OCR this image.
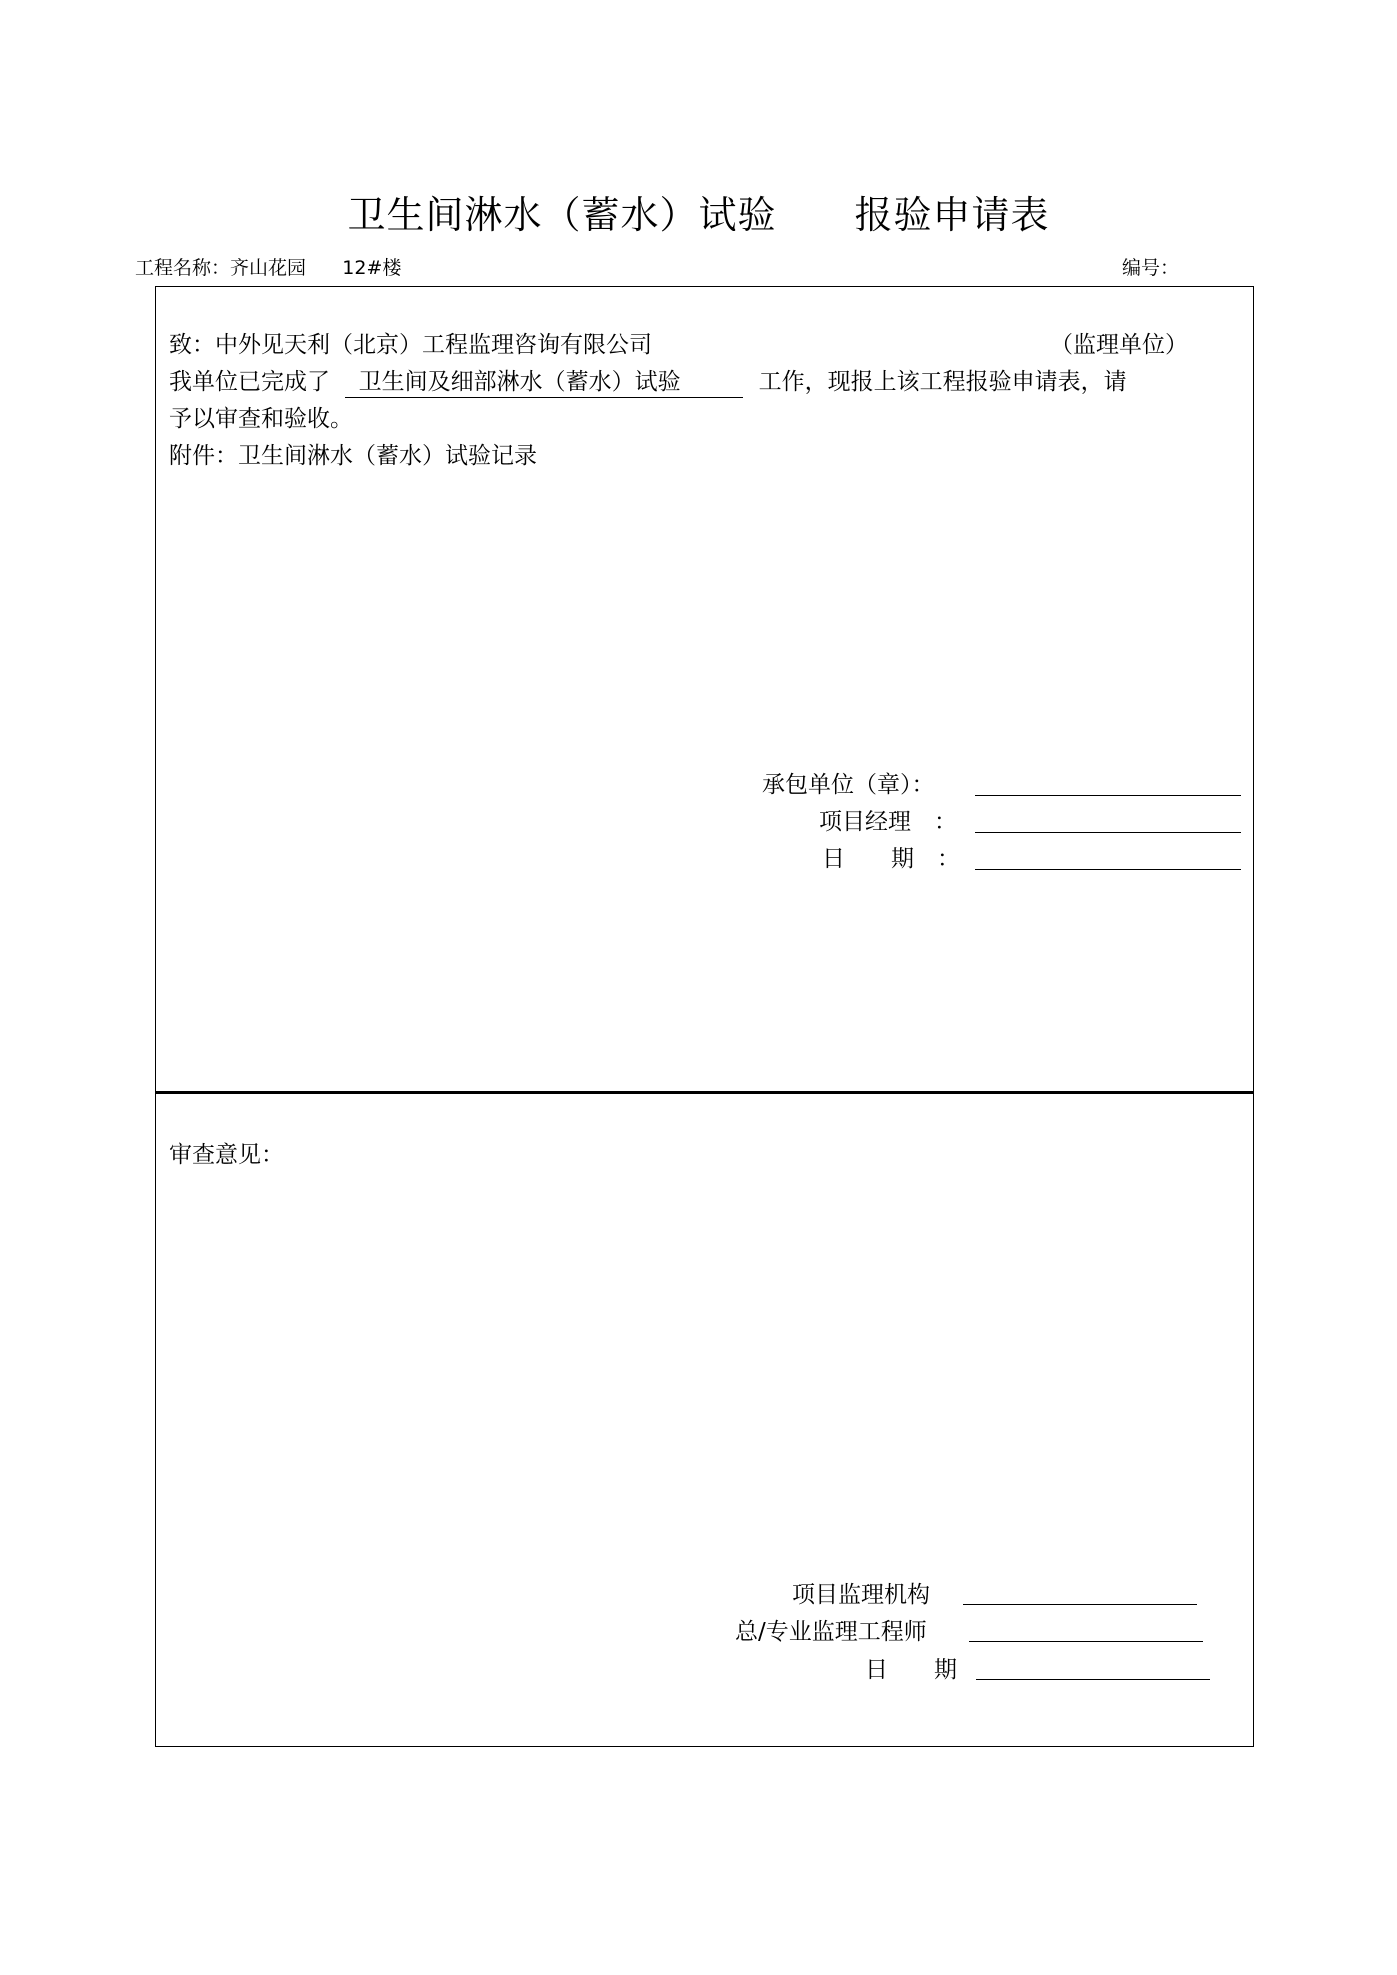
卫生间淋水（蓄水）试验　　报验申请表
工程名称：齐山花园 12#楼	编号：
致：中外见天利（北京）工程监理咨询有限公司	（监理单位）
我单位已完成了 卫生间及细部淋水（蓄水）试验	工作，现报上该工程报验申请表，请
予以审查和验收。
附件：卫生间淋水（蓄水）试验记录
承包单位（章）：
项目经理　：
日　　期　：
审查意见：
项目监理机构
总/专业监理工程师
日　　期
